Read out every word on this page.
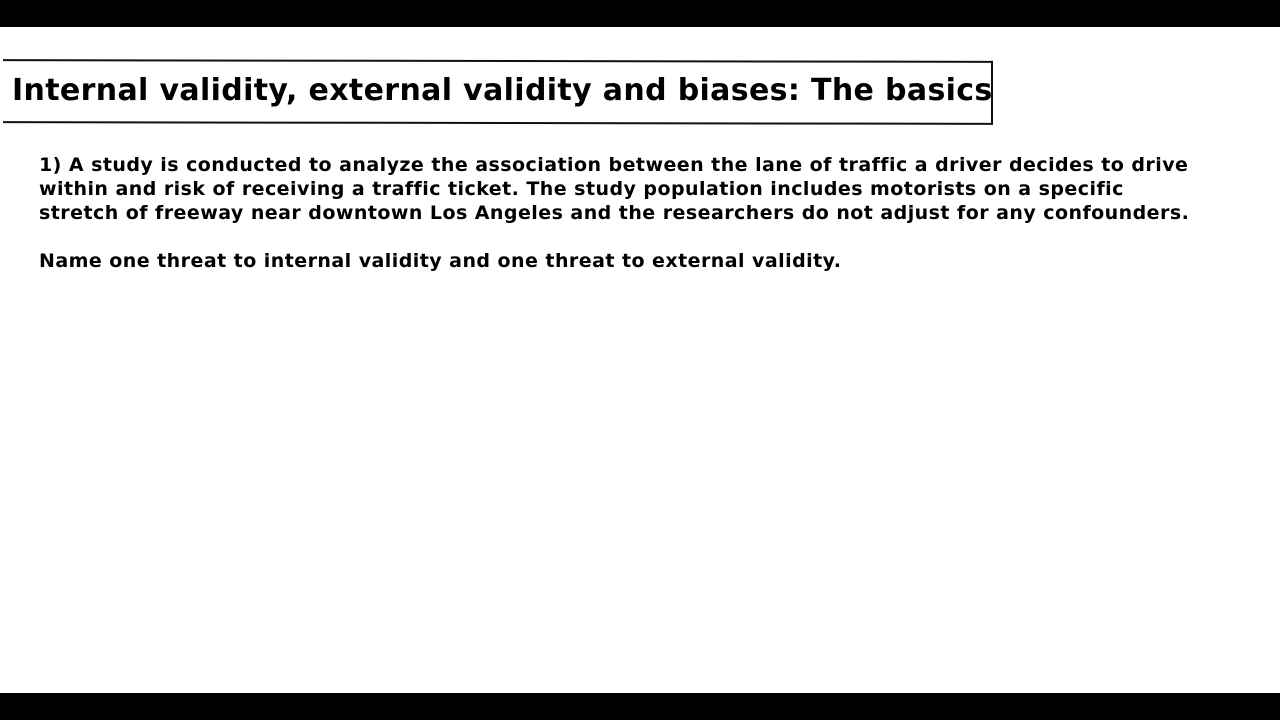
Internal validity, external validity and biases: The basics

1) A study is conducted to analyze the association between the lane of traffic a driver decides to drive
within and risk of receiving a traffic ticket. The study population includes motorists on a specific
stretch of freeway near downtown Los Angeles and the researchers do not adjust for any confounders.

Name one threat to internal validity and one threat to external validity.
